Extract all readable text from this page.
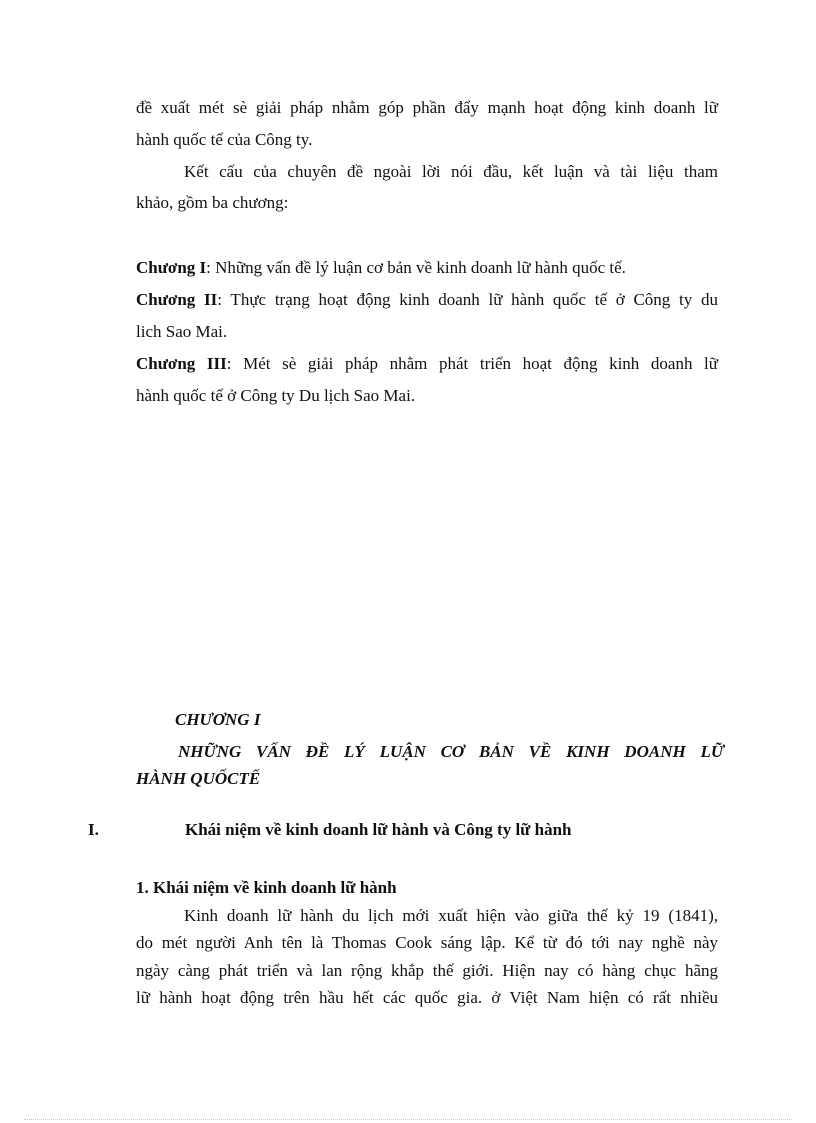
đề xuất mét sè giải pháp nhằm góp phần đẩy mạnh hoạt động kinh doanh lữ
hành quốc tế của Công ty.
Kết cấu của chuyên đề ngoài lời nói đầu, kết luận và tài liệu tham
khảo, gồm ba chương:
Chương I: Những vấn đề lý luận cơ bản về kinh doanh lữ hành quốc tế.
Chương II: Thực trạng hoạt động kinh doanh lữ hành quốc tế ở Công ty du
lich Sao Mai.
Chương III: Mét sè giải pháp nhằm phát triển hoạt động kinh doanh lữ
hành quốc tế ở Công ty Du lịch Sao Mai.
CHƯƠNG I
NHỮNG VẤN ĐỀ LÝ LUẬN CƠ BẢN VỀ KINH DOANH LỮ
HÀNH QUỐCTẾ
I.	Khái niệm về kinh doanh lữ hành và Công ty lữ hành
1. Khái niệm về kinh doanh lữ hành
Kinh doanh lữ hành du lịch mới xuất hiện vào giữa thế kỷ 19 (1841),
do mét người Anh tên là Thomas Cook sáng lập. Kể từ đó tới nay nghề này
ngày càng phát triển và lan rộng khắp thế giới. Hiện nay có hàng chục hãng
lữ hành hoạt động trên hầu hết các quốc gia. ở Việt Nam hiện có rất nhiều
